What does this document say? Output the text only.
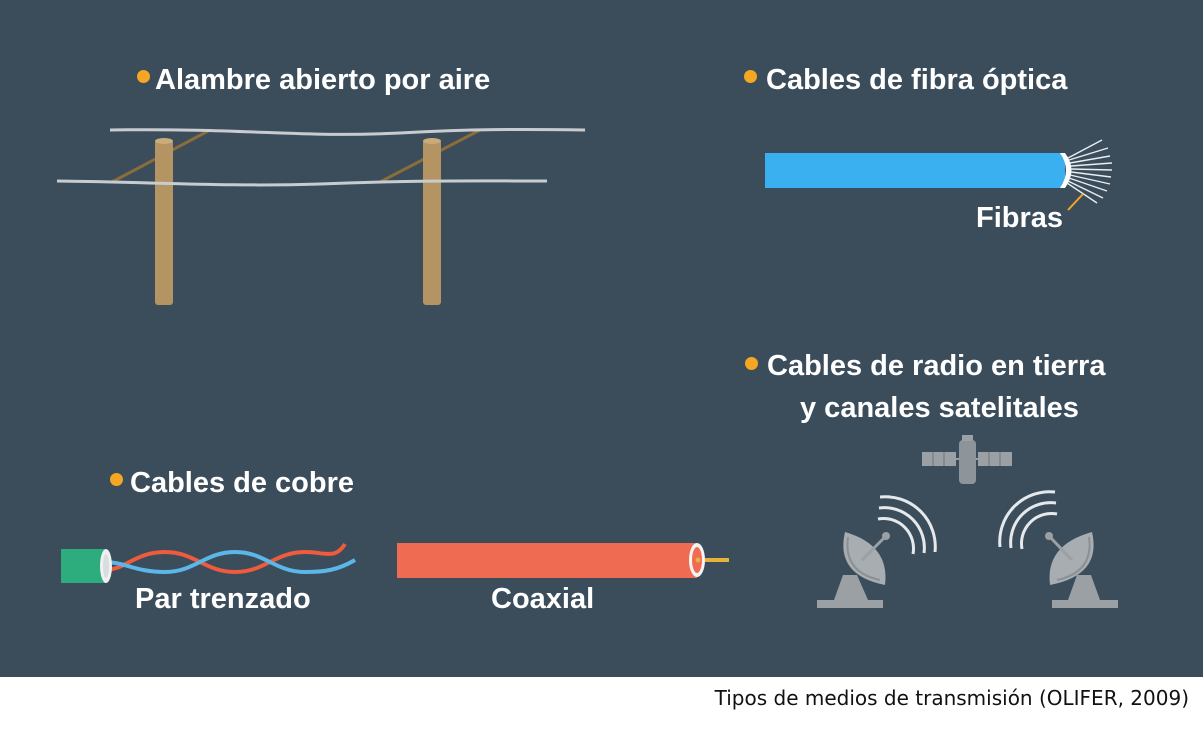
Alambre abierto por aire	Cables de fibra óptica
Cables de radio en tierra
y canales satelitales
Cables de cobre
Fibras
Par trenzado	Coaxial
Tipos de medios de transmisión (OLIFER, 2009)
